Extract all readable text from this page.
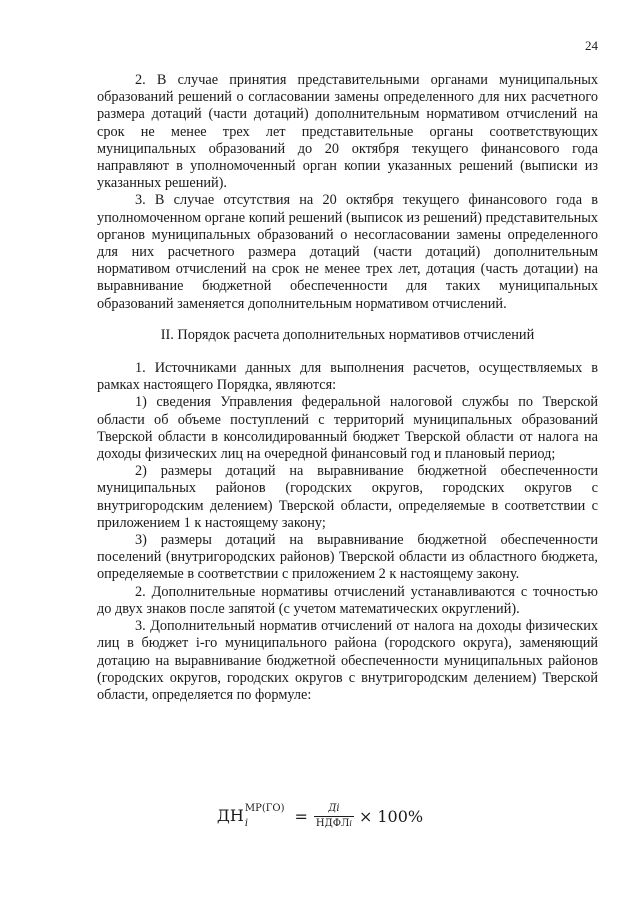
24

2. В случае принятия представительными органами муниципальных образований решений о согласовании замены определенного для них расчетного размера дотаций (части дотаций) дополнительным нормативом отчислений на срок не менее трех лет представительные органы соответствующих муниципальных образований до 20 октября текущего финансового года направляют в уполномоченный орган копии указанных решений (выписки из указанных решений).

3. В случае отсутствия на 20 октября текущего финансового года в уполномоченном органе копий решений (выписок из решений) представительных органов муниципальных образований о несогласовании замены определенного для них расчетного размера дотаций (части дотаций) дополнительным нормативом отчислений на срок не менее трех лет, дотация (часть дотации) на выравнивание бюджетной обеспеченности для таких муниципальных образований заменяется дополнительным нормативом отчислений.

II. Порядок расчета дополнительных нормативов отчислений

1. Источниками данных для выполнения расчетов, осуществляемых в рамках настоящего Порядка, являются:

1) сведения Управления федеральной налоговой службы по Тверской области об объеме поступлений с территорий муниципальных образований Тверской области в консолидированный бюджет Тверской области от налога на доходы физических лиц на очередной финансовый год и плановый период;

2) размеры дотаций на выравнивание бюджетной обеспеченности муниципальных районов (городских округов, городских округов с внутригородским делением) Тверской области, определяемые в соответствии с приложением 1 к настоящему закону;

3) размеры дотаций на выравнивание бюджетной обеспеченности поселений (внутригородских районов) Тверской области из областного бюджета, определяемые в соответствии с приложением 2 к настоящему закону.

2. Дополнительные нормативы отчислений устанавливаются с точностью до двух знаков после запятой (с учетом математических округлений).

3. Дополнительный норматив отчислений от налога на доходы физических лиц в бюджет i-го муниципального района (городского округа), заменяющий дотацию на выравнивание бюджетной обеспеченности муниципальных районов (городских округов, городских округов с внутригородским делением) Тверской области, определяется по формуле:

ДН МР(ГО)
i	= $\frac{Дi}{\text{НДФЛi}} \times 100\%$
